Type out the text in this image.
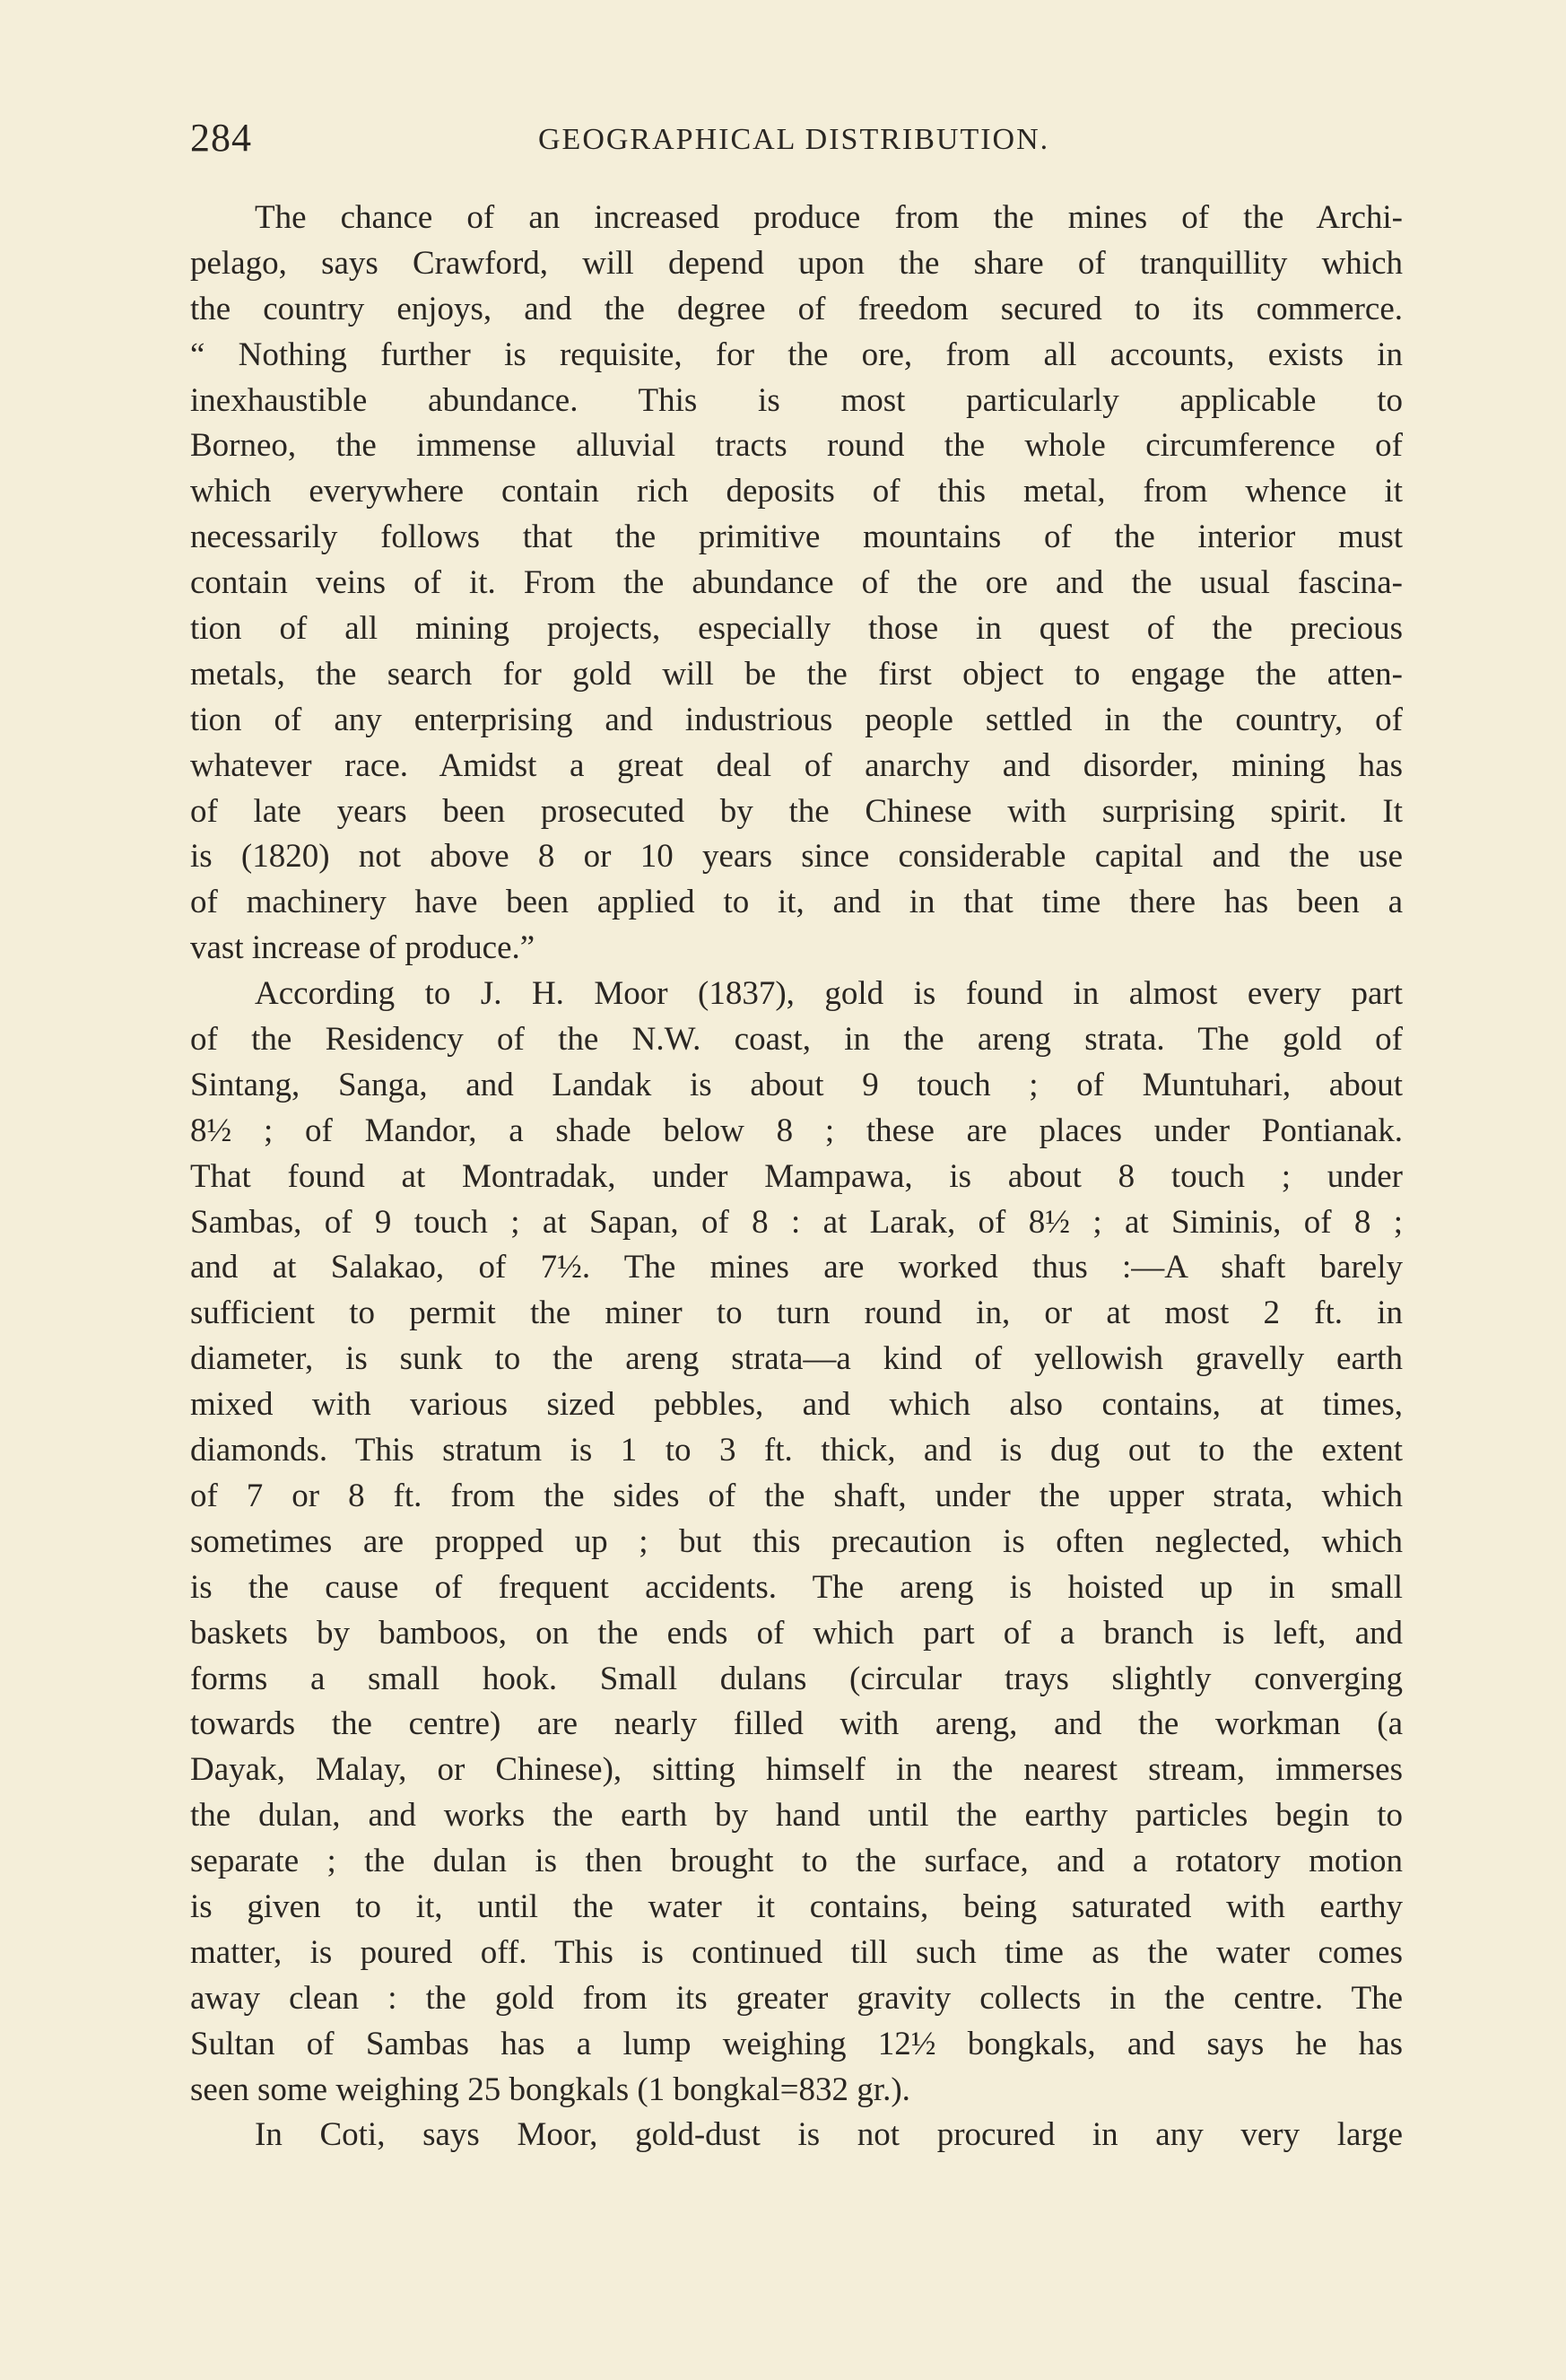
284	GEOGRAPHICAL DISTRIBUTION.
The chance of an increased produce from the mines of the Archi-
pelago, says Crawford, will depend upon the share of tranquillity which
the country enjoys, and the degree of freedom secured to its commerce.
“ Nothing further is requisite, for the ore, from all accounts, exists in
inexhaustible abundance. This is most particularly applicable to
Borneo, the immense alluvial tracts round the whole circumference of
which everywhere contain rich deposits of this metal, from whence it
necessarily follows that the primitive mountains of the interior must
contain veins of it. From the abundance of the ore and the usual fascina-
tion of all mining projects, especially those in quest of the precious
metals, the search for gold will be the first object to engage the atten-
tion of any enterprising and industrious people settled in the country, of
whatever race. Amidst a great deal of anarchy and disorder, mining has
of late years been prosecuted by the Chinese with surprising spirit. It
is (1820) not above 8 or 10 years since considerable capital and the use
of machinery have been applied to it, and in that time there has been a
vast increase of produce.”
According to J. H. Moor (1837), gold is found in almost every part
of the Residency of the N.W. coast, in the areng strata. The gold of
Sintang, Sanga, and Landak is about 9 touch ; of Muntuhari, about
8½ ; of Mandor, a shade below 8 ; these are places under Pontianak.
That found at Montradak, under Mampawa, is about 8 touch ; under
Sambas, of 9 touch ; at Sapan, of 8 : at Larak, of 8½ ; at Siminis, of 8 ;
and at Salakao, of 7½. The mines are worked thus :—A shaft barely
sufficient to permit the miner to turn round in, or at most 2 ft. in
diameter, is sunk to the areng strata—a kind of yellowish gravelly earth
mixed with various sized pebbles, and which also contains, at times,
diamonds. This stratum is 1 to 3 ft. thick, and is dug out to the extent
of 7 or 8 ft. from the sides of the shaft, under the upper strata, which
sometimes are propped up ; but this precaution is often neglected, which
is the cause of frequent accidents. The areng is hoisted up in small
baskets by bamboos, on the ends of which part of a branch is left, and
forms a small hook. Small dulans (circular trays slightly converging
towards the centre) are nearly filled with areng, and the workman (a
Dayak, Malay, or Chinese), sitting himself in the nearest stream, immerses
the dulan, and works the earth by hand until the earthy particles begin to
separate ; the dulan is then brought to the surface, and a rotatory motion
is given to it, until the water it contains, being saturated with earthy
matter, is poured off. This is continued till such time as the water comes
away clean : the gold from its greater gravity collects in the centre. The
Sultan of Sambas has a lump weighing 12½ bongkals, and says he has
seen some weighing 25 bongkals (1 bongkal=832 gr.).
In Coti, says Moor, gold-dust is not procured in any very large
